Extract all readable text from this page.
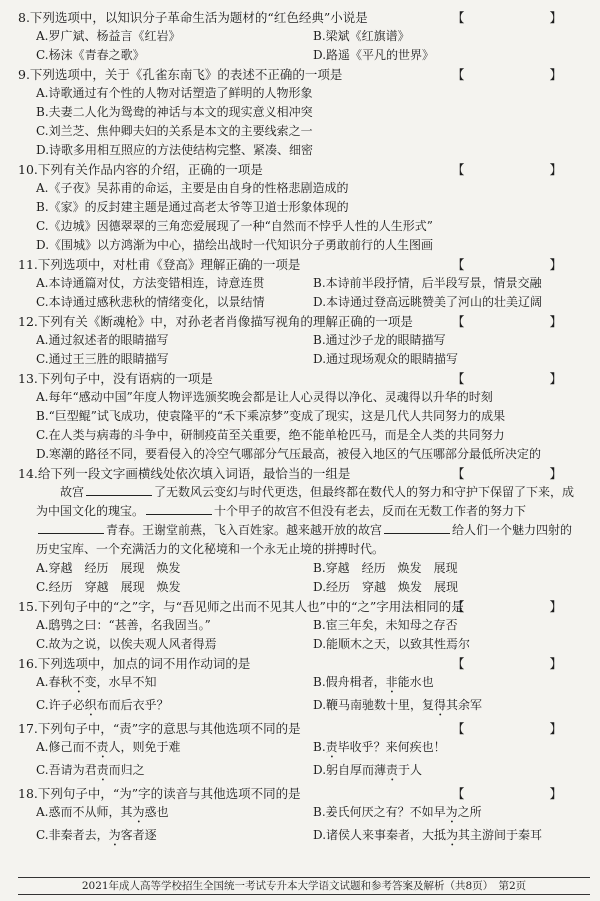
8.下列选项中，以知识分子革命生活为题材的“红色经典”小说是	【　　】
A.罗广斌、杨益言《红岩》	B.梁斌《红旗谱》
C.杨沫《青春之歌》	D.路遥《平凡的世界》
9.下列选项中，关于《孔雀东南飞》的表述不正确的一项是	【　　】
A.诗歌通过有个性的人物对话塑造了鲜明的人物形象
B.夫妻二人化为鸳鸯的神话与本文的现实意义相冲突
C.刘兰芝、焦仲卿夫妇的关系是本文的主要线索之一
D.诗歌多用相互照应的方法使结构完整、紧凑、细密
10.下列有关作品内容的介绍，正确的一项是	【　　】
A.《子夜》吴荪甫的命运，主要是由自身的性格悲剧造成的
B.《家》的反封建主题是通过高老太爷等卫道士形象体现的
C.《边城》因德翠翠的三角恋爱展现了一种“自然而不悖乎人性的人生形式”
D.《围城》以方鸿渐为中心，描绘出战时一代知识分子勇敢前行的人生图画
11.下列选项中，对杜甫《登高》理解正确的一项是	【　　】
A.本诗通篇对仗，方法变错相连，诗意连贯	B.本诗前半段抒情，后半段写景，情景交融
C.本诗通过感秋悲秋的情绪变化，以景结情	D.本诗通过登高远眺赞美了河山的壮美辽阔
12.下列有关《断魂枪》中，对孙老者肖像描写视角的理解正确的一项是	【　　】
A.通过叙述者的眼睛描写	B.通过沙子龙的眼睛描写
C.通过王三胜的眼睛描写	D.通过现场观众的眼睛描写
13.下列句子中，没有语病的一项是	【　　】
A.每年“感动中国”年度人物评选颁奖晚会都是让人心灵得以净化、灵魂得以升华的时刻
B.“巨型鲲”试飞成功，使袁隆平的“禾下乘凉梦”变成了现实，这是几代人共同努力的成果
C.在人类与病毒的斗争中，研制疫苗至关重要，绝不能单枪匹马，而是全人类的共同努力
D.寒潮的路径不同，要看侵入的冷空气哪部分气压最高，被侵入地区的气压哪部分最低所决定的
14.给下列一段文字画横线处依次填入词语，最恰当的一组是	【　　】

故宫	了无数风云变幻与时代更迭，但最终都在数代人的努力和守护下保留了下来，成为中国文化的瑰宝。	十个甲子的故宫不但没有老去，反而在无数工作者的努力下青春。王谢堂前燕，飞入百姓家。越来越开放的故宫	给人们一个魅力四射的历史宝库、一个充满活力的文化秘境和一个永无止境的拼搏时代。

A.穿越　经历　展现　焕发	B.穿越　经历　焕发　展现
C.经历　穿越　展现　焕发	D.经历　穿越　焕发　展现
15.下列句子中的“之”字，与“吾见师之出而不见其人也”中的“之”字用法相同的是
【　　】
A.鸱鸮之曰：“甚善，名我固当。”	B.宦三年矣，未知母之存否
C.故为之说，以俟夫观人风者得焉	D.能顺木之天，以致其性焉尔
16.下列选项中，加点的词不用作动词的是	【　　】
A.春秋不变，水早不知	B.假舟楫者，非能水也
C.许子必织布而后衣乎？	D.鞭马南驰数十里，复得其余军
17.下列句子中，“责”字的意思与其他选项不同的是	【　　】
A.修己而不责人，则免于难	B.责毕收乎？来何疾也！
C.吾请为君责而归之	D.躬自厚而薄责于人
18.下列句子中，“为”字的读音与其他选项不同的是	【　　】
A.惑而不从师，其为惑也	B.姜氏何厌之有？不如早为之所
C.非秦者去，为客者逐	D.诸侯人来事秦者，大抵为其主游间于秦耳
2021年成人高等学校招生全国统一考试专升本大学语文试题和参考答案及解析（共8页）　第2页
